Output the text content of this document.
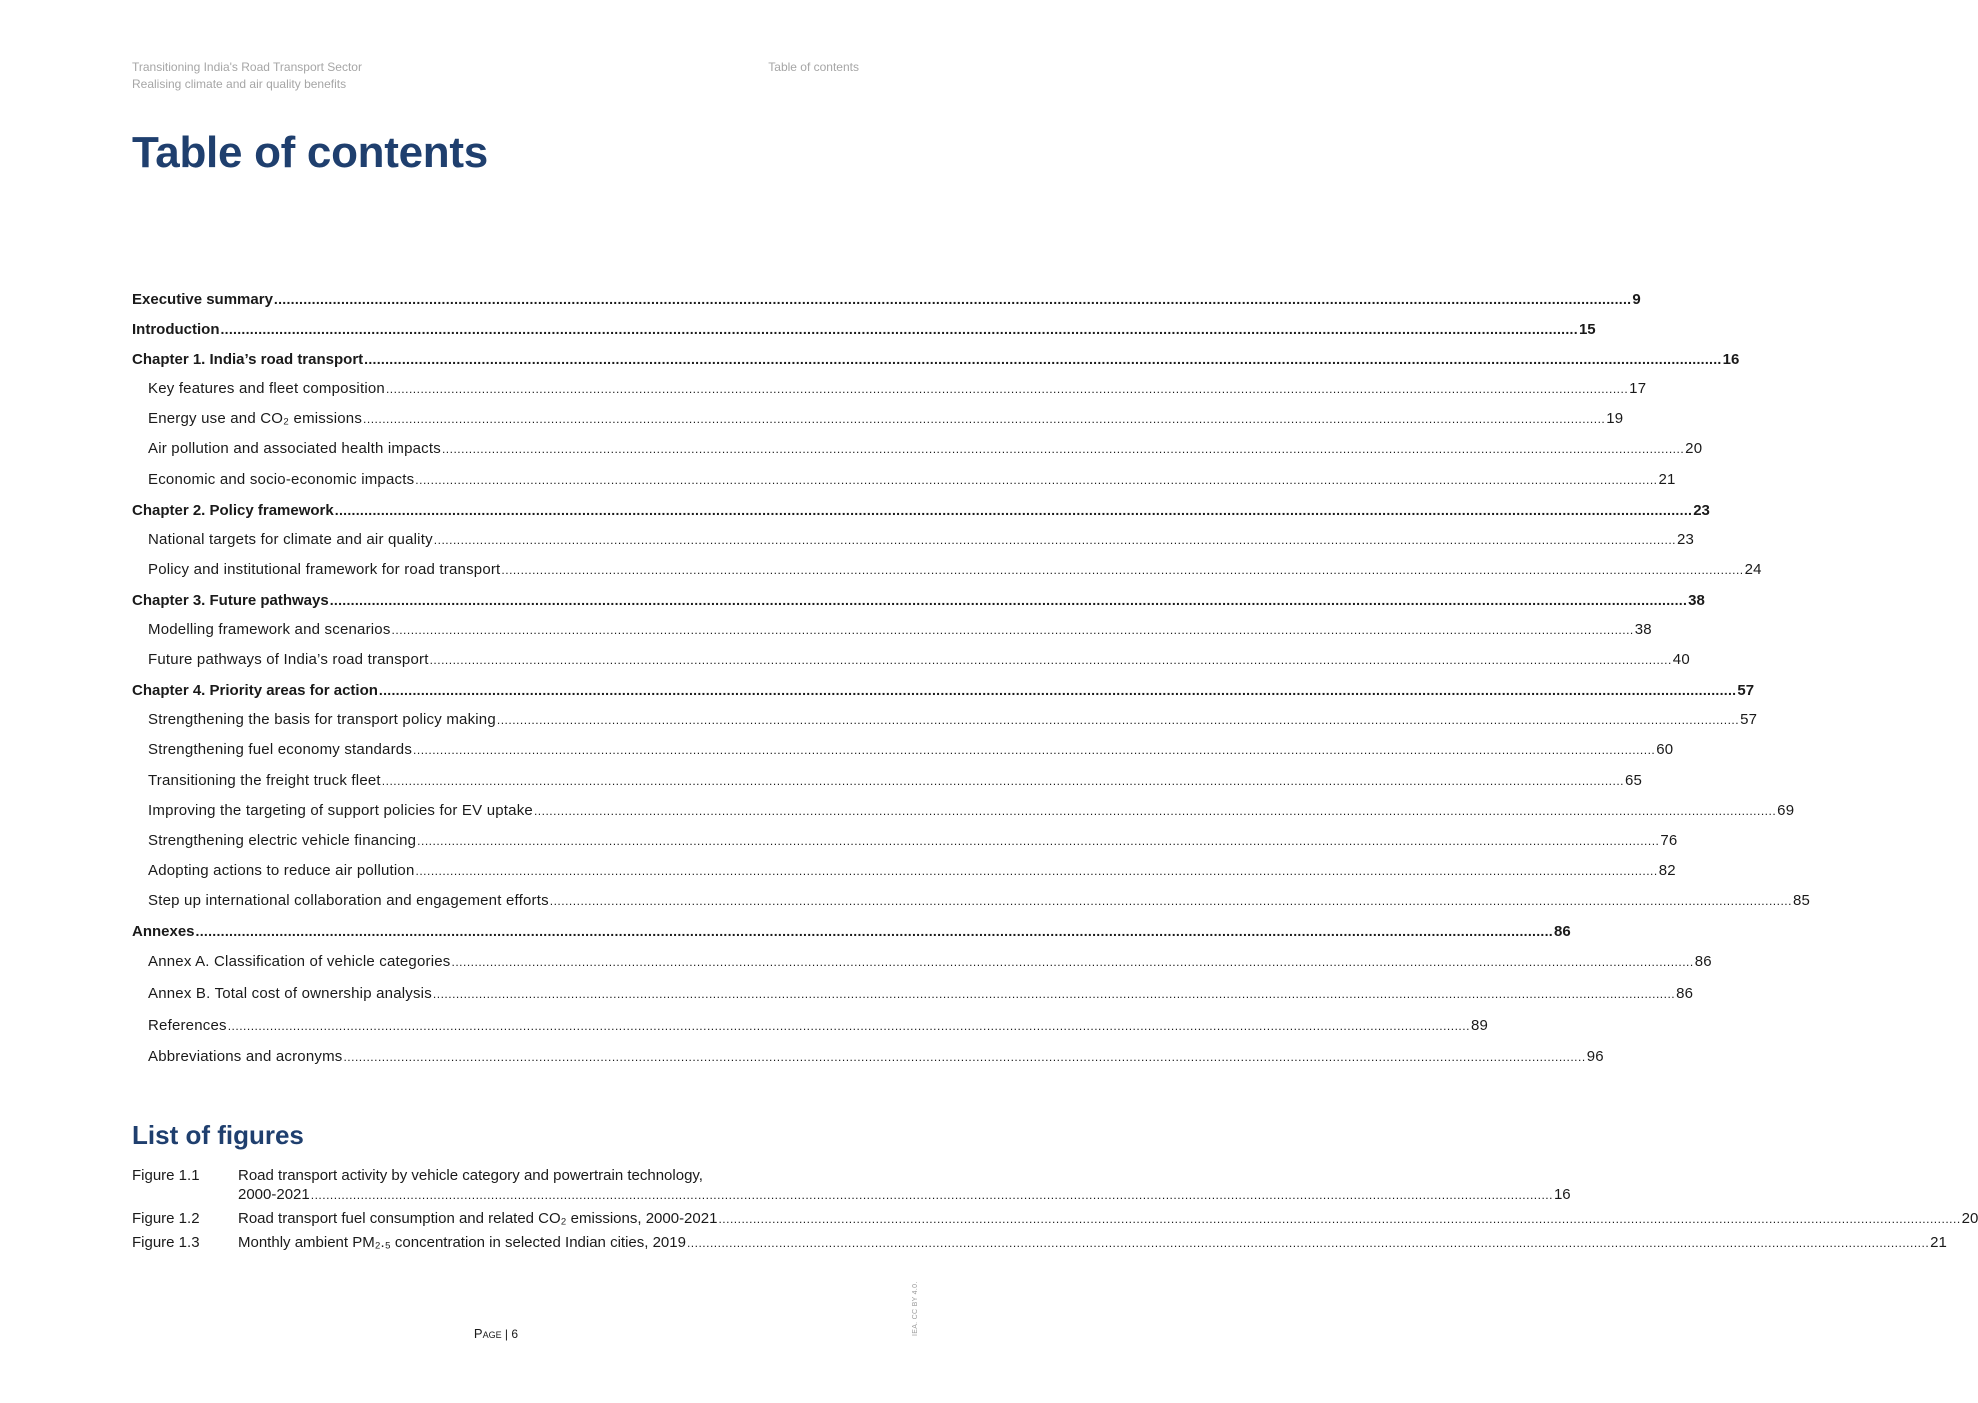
Transitioning India's Road Transport Sector
Realising climate and air quality benefits
Table of contents
Table of contents
Executive summary .....	9
Introduction .....	15
Chapter 1. India’s road transport .....	16
Key features and fleet composition .....	17
Energy use and CO₂ emissions .....	19
Air pollution and associated health impacts .....	20
Economic and socio-economic impacts .....	21
Chapter 2. Policy framework .....	23
National targets for climate and air quality .....	23
Policy and institutional framework for road transport .....	24
Chapter 3. Future pathways .....	38
Modelling framework and scenarios .....	38
Future pathways of India’s road transport .....	40
Chapter 4. Priority areas for action .....	57
Strengthening the basis for transport policy making .....	57
Strengthening fuel economy standards .....	60
Transitioning the freight truck fleet .....	65
Improving the targeting of support policies for EV uptake .....	69
Strengthening electric vehicle financing .....	76
Adopting actions to reduce air pollution .....	82
Step up international collaboration and engagement efforts .....	85
Annexes .....	86
Annex A. Classification of vehicle categories .....	86
Annex B. Total cost of ownership analysis .....	86
References .....	89
Abbreviations and acronyms .....	96
List of figures
Figure 1.1	Road transport activity by vehicle category and powertrain technology,
2000-2021 .....	16
Figure 1.2	Road transport fuel consumption and related CO₂ emissions, 2000-2021 .....	20
Figure 1.3	Monthly ambient PM₂.₅ concentration in selected Indian cities, 2019 .....	21
Page | 6	IEA. CC BY 4.0.
